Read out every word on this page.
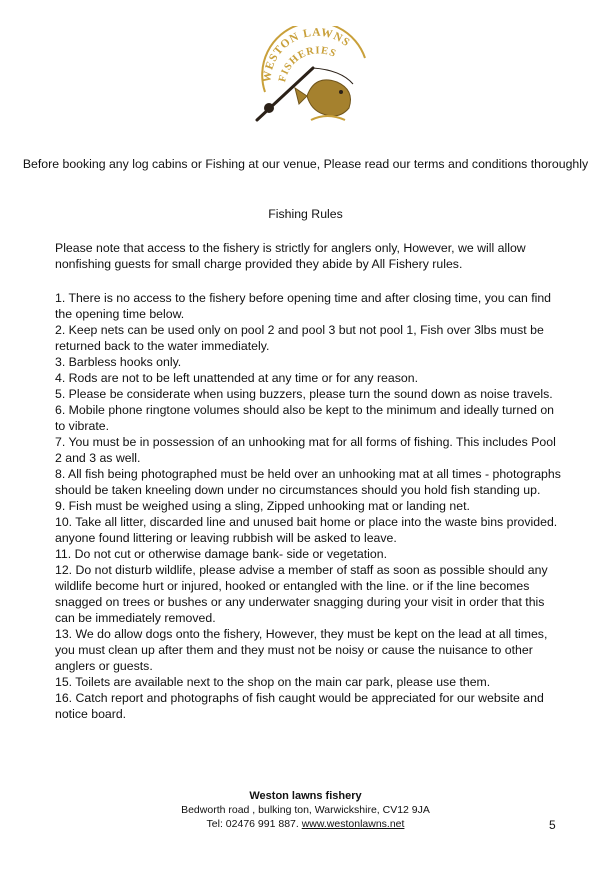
WESTON LAWNS
FISHERIES
Before booking any log cabins or Fishing at our venue, Please read our terms and conditions thoroughly
Fishing Rules
Please note that access to the fishery is strictly for anglers only, However, we will allow nonfishing guests for small charge provided they abide by All Fishery rules.
1. There is no access to the fishery before opening time and after closing time, you can find the opening time below.
2. Keep nets can be used only on pool 2 and pool 3 but not pool 1, Fish over 3lbs must be returned back to the water immediately.
3. Barbless hooks only.
4. Rods are not to be left unattended at any time or for any reason.
5. Please be considerate when using buzzers, please turn the sound down as noise travels.
6. Mobile phone ringtone volumes should also be kept to the minimum and ideally turned on to vibrate.
7. You must be in possession of an unhooking mat for all forms of fishing. This includes Pool 2 and 3 as well.
8. All fish being photographed must be held over an unhooking mat at all times - photographs should be taken kneeling down under no circumstances should you hold fish standing up.
9. Fish must be weighed using a sling, Zipped unhooking mat or landing net.
10. Take all litter, discarded line and unused bait home or place into the waste bins provided. anyone found littering or leaving rubbish will be asked to leave.
11. Do not cut or otherwise damage bank- side or vegetation.
12. Do not disturb wildlife, please advise a member of staff as soon as possible should any wildlife become hurt or injured, hooked or entangled with the line. or if the line becomes snagged on trees or bushes or any underwater snagging during your visit in order that this can be immediately removed.
13. We do allow dogs onto the fishery, However, they must be kept on the lead at all times, you must clean up after them and they must not be noisy or cause the nuisance to other anglers or guests.
15. Toilets are available next to the shop on the main car park, please use them.
16. Catch report and photographs of fish caught would be appreciated for our website and notice board.
Weston lawns fishery
Bedworth road , bulking ton, Warwickshire, CV12 9JA
Tel: 02476 991 887. www.westonlawns.net	5
